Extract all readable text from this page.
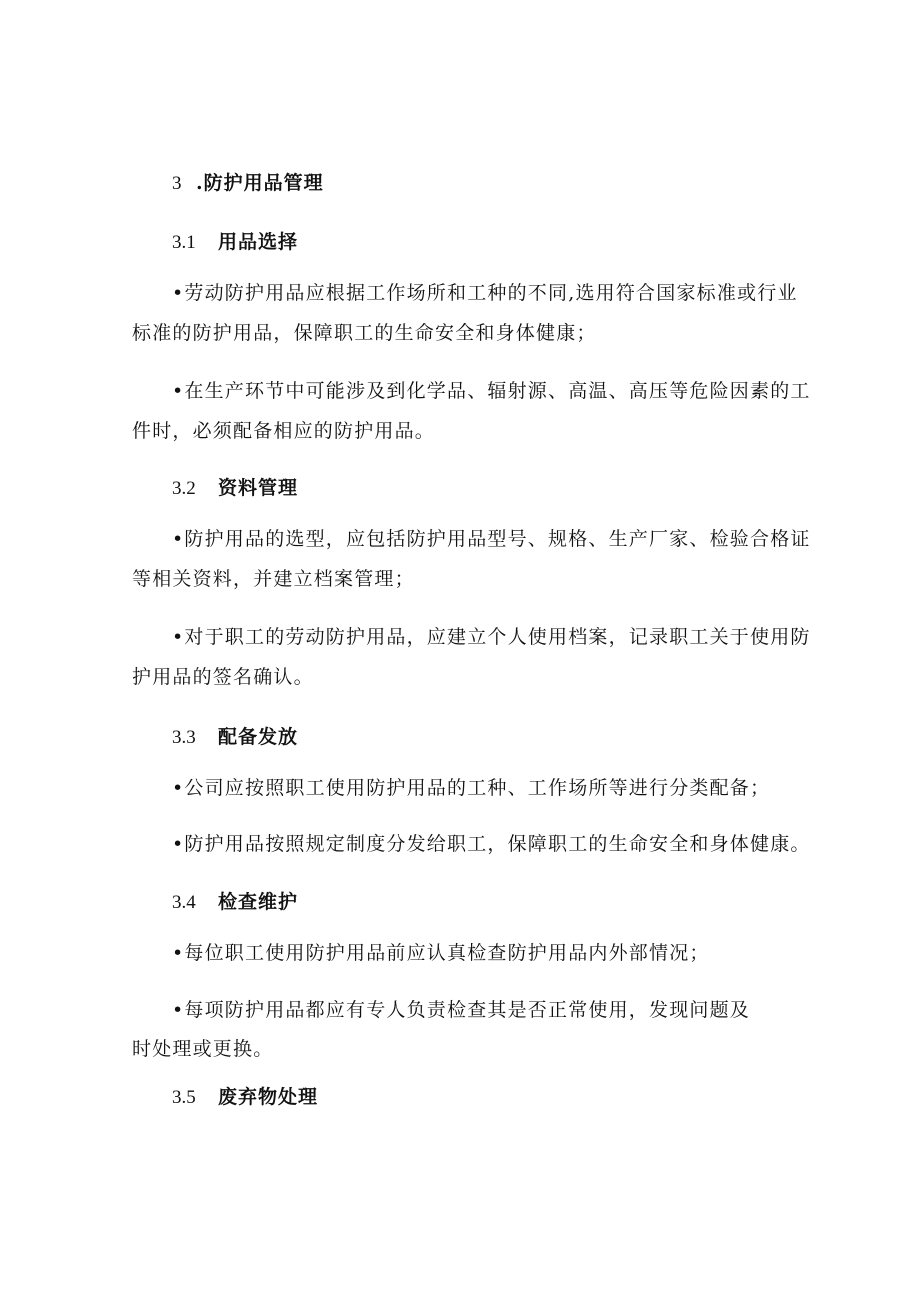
3 .防护用品管理
3.1 用品选择
•劳动防护用品应根据工作场所和工种的不同,选用符合国家标准或行业
标准的防护用品，保障职工的生命安全和身体健康；
•在生产环节中可能涉及到化学品、辐射源、高温、高压等危险因素的工
件时，必须配备相应的防护用品。
3.2 资料管理
•防护用品的选型，应包括防护用品型号、规格、生产厂家、检验合格证
等相关资料，并建立档案管理；
•对于职工的劳动防护用品，应建立个人使用档案，记录职工关于使用防
护用品的签名确认。
3.3 配备发放
•公司应按照职工使用防护用品的工种、工作场所等进行分类配备；
•防护用品按照规定制度分发给职工，保障职工的生命安全和身体健康。
3.4 检查维护
•每位职工使用防护用品前应认真检查防护用品内外部情况；
•每项防护用品都应有专人负责检查其是否正常使用，发现问题及
时处理或更换。
3.5 废弃物处理
